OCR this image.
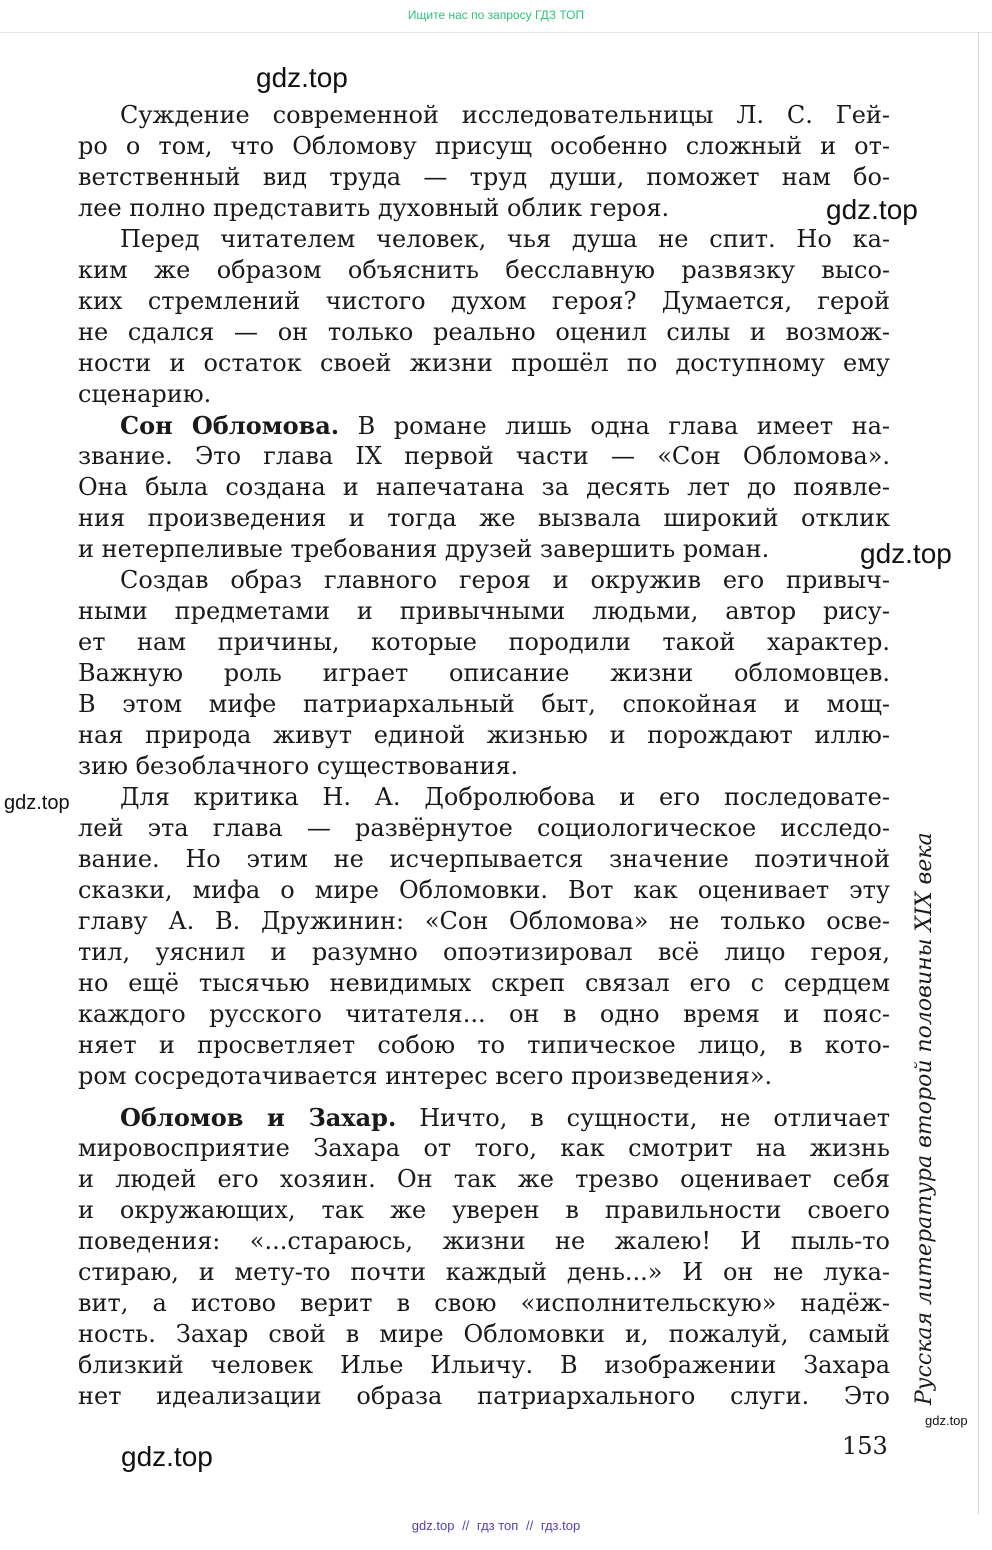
Ищите нас по запросу ГДЗ ТОП
gdz.top
gdz.top
gdz.top
gdz.top
gdz.top
gdz.top
Суждение современной исследовательницы Л. С. Гей-
ро о том, что Обломову присущ особенно сложный и от-
ветственный вид труда — труд души, поможет нам бо-
лее полно представить духовный облик героя.
Перед читателем человек, чья душа не спит. Но ка-
ким же образом объяснить бесславную развязку высо-
ких стремлений чистого духом героя? Думается, герой
не сдался — он только реально оценил силы и возмож-
ности и остаток своей жизни прошёл по доступному ему
сценарию.
Сон Обломова. В романе лишь одна глава имеет на-
звание. Это глава IX первой части — «Сон Обломова».
Она была создана и напечатана за десять лет до появле-
ния произведения и тогда же вызвала широкий отклик
и нетерпеливые требования друзей завершить роман.
Создав образ главного героя и окружив его привыч-
ными предметами и привычными людьми, автор рису-
ет нам причины, которые породили такой характер.
Важную роль играет описание жизни обломовцев.
В этом мифе патриархальный быт, спокойная и мощ-
ная природа живут единой жизнью и порождают иллю-
зию безоблачного существования.
Для критика Н. А. Добролюбова и его последовате-
лей эта глава — развёрнутое социологическое исследо-
вание. Но этим не исчерпывается значение поэтичной
сказки, мифа о мире Обломовки. Вот как оценивает эту
главу А. В. Дружинин: «Сон Обломова» не только осве-
тил, уяснил и разумно опоэтизировал всё лицо героя,
но ещё тысячью невидимых скреп связал его с сердцем
каждого русского читателя... он в одно время и пояс-
няет и просветляет собою то типическое лицо, в кото-
ром сосредотачивается интерес всего произведения».
Обломов и Захар. Ничто, в сущности, не отличает
мировосприятие Захара от того, как смотрит на жизнь
и людей его хозяин. Он так же трезво оценивает себя
и окружающих, так же уверен в правильности своего
поведения: «...стараюсь, жизни не жалею! И пыль-то
стираю, и мету-то почти каждый день...» И он не лука-
вит, а истово верит в свою «исполнительскую» надёж-
ность. Захар свой в мире Обломовки и, пожалуй, самый
близкий человек Илье Ильичу. В изображении Захара
нет идеализации образа патриархального слуги. Это Русская литература второй половины XIX века
153
gdz.top // гдз топ // гдз.top
